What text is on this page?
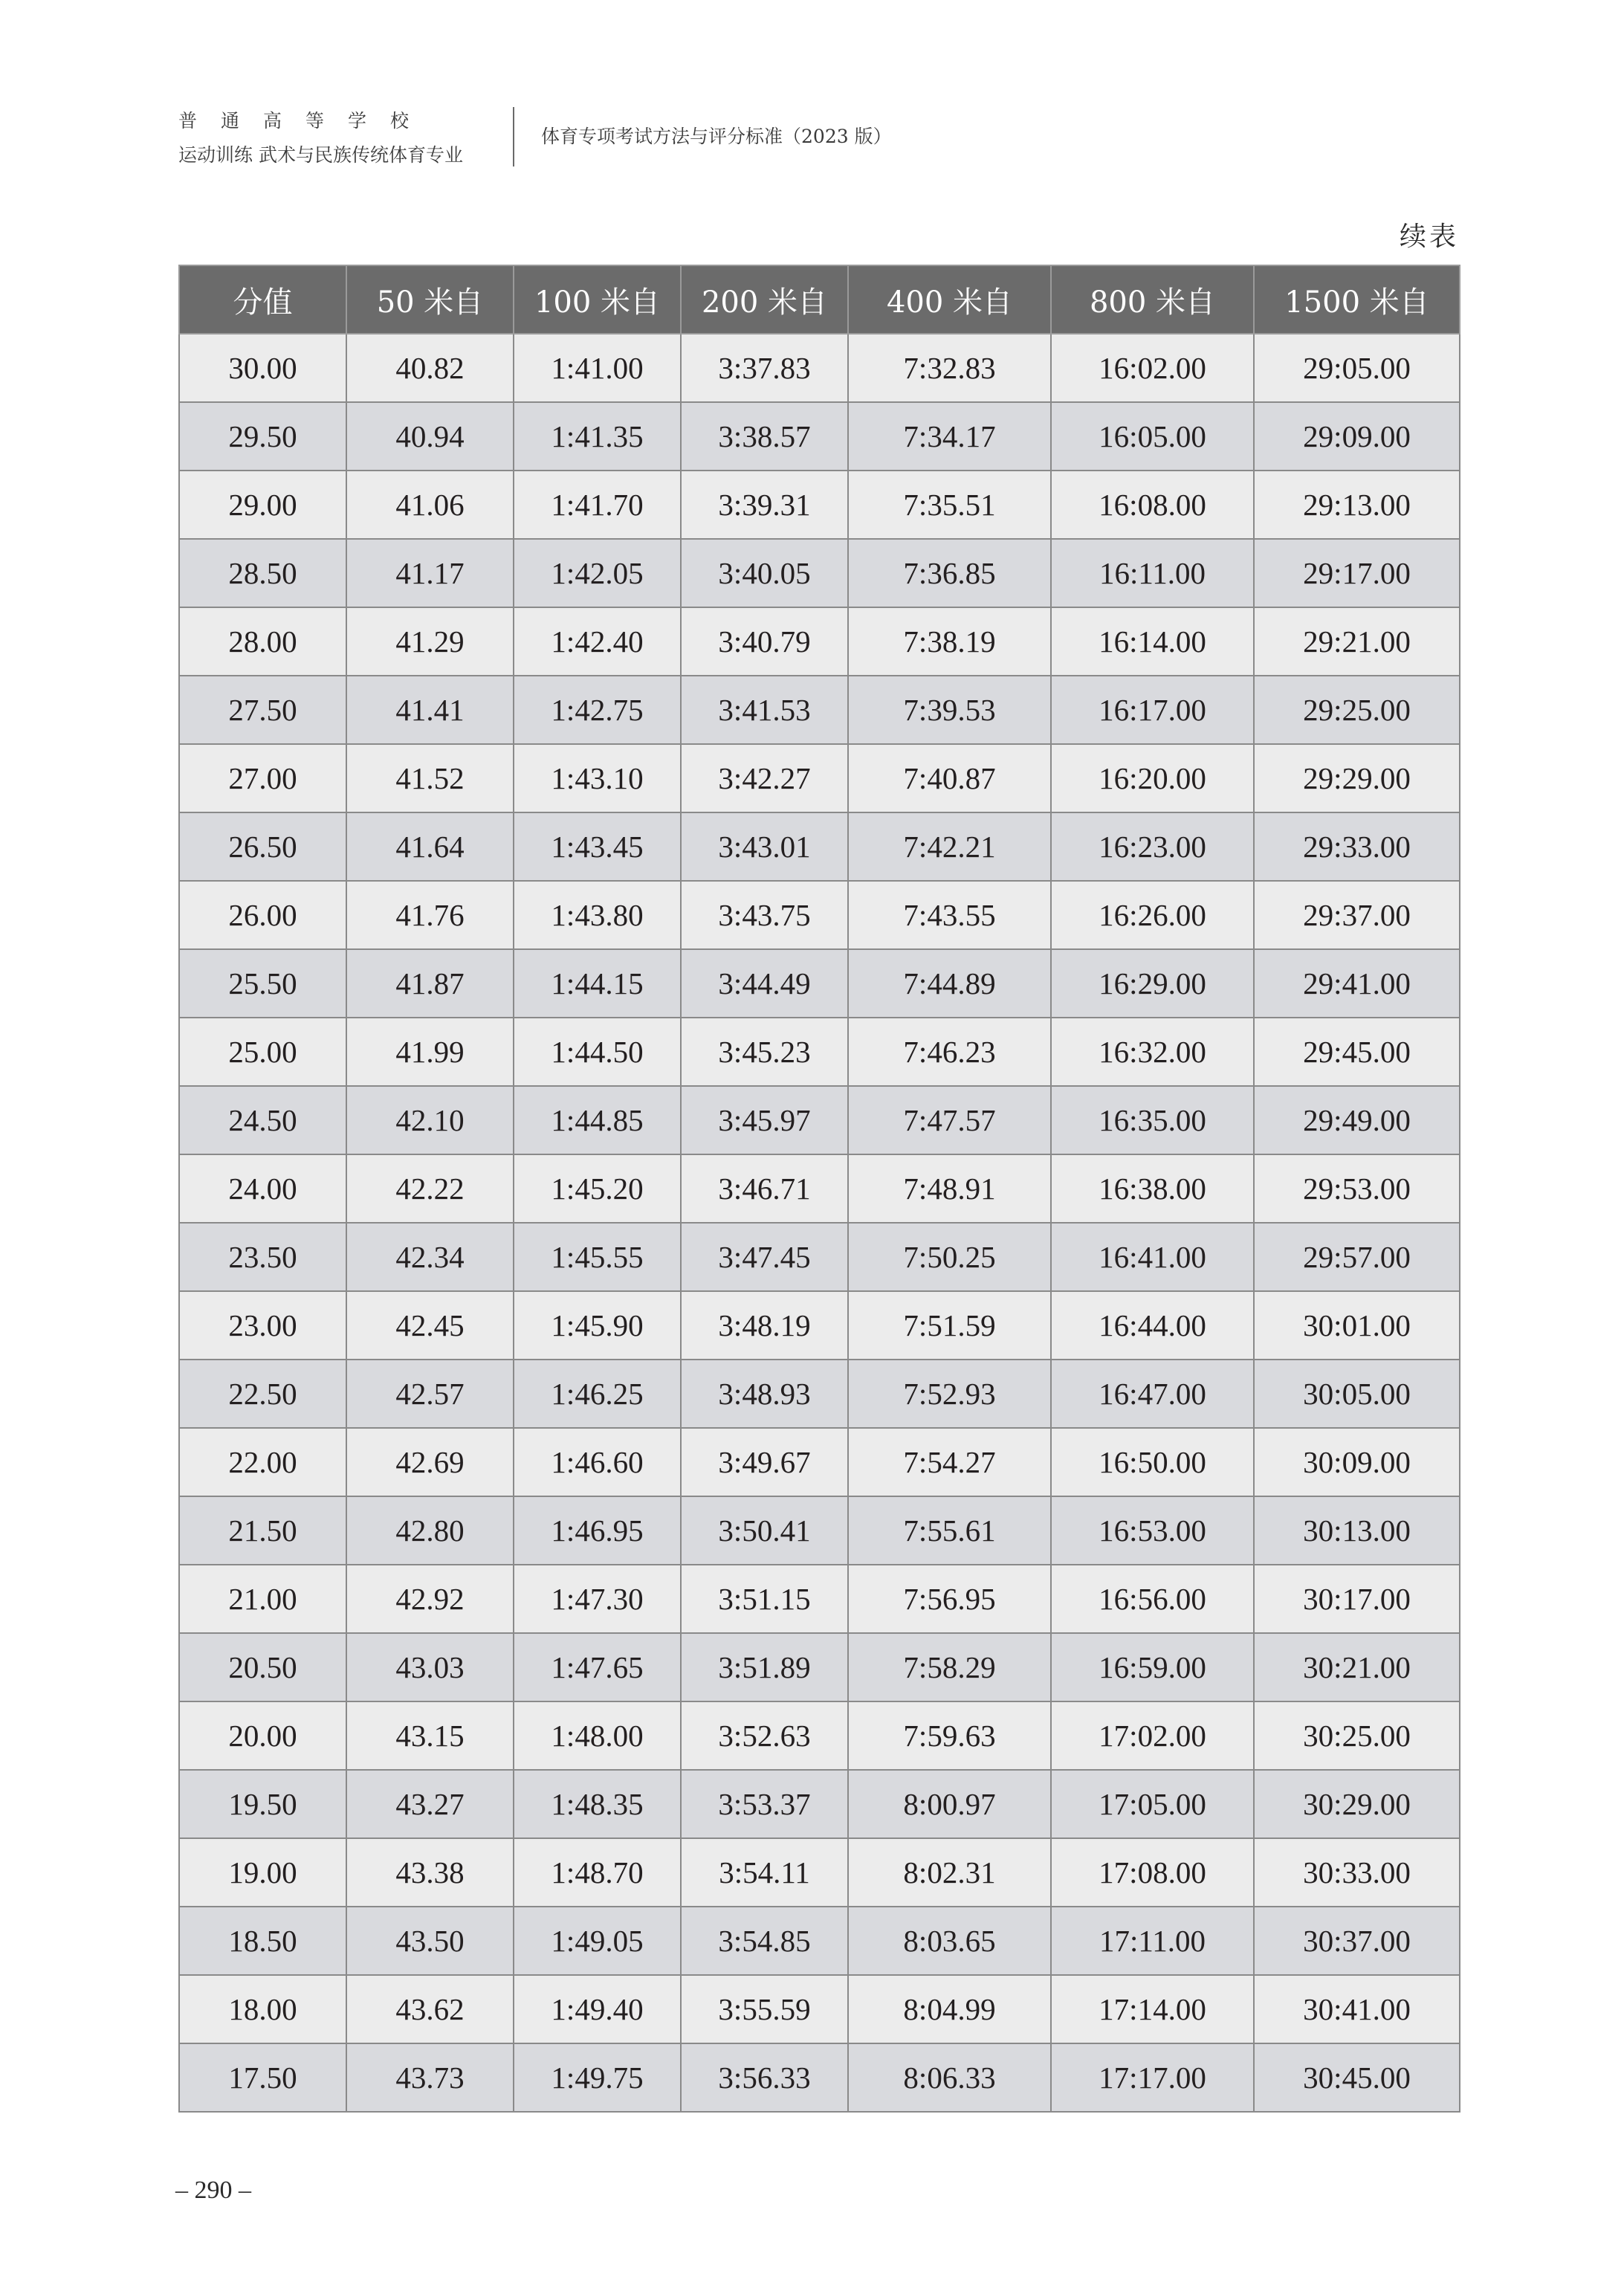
普通高等学校
运动训练 武术与民族传统体育专业
体育专项考试方法与评分标准（2023 版）
续表
分值	50 米自	100 米自	200 米自	400 米自	800 米自	1500 米自
30.00	40.82	1:41.00	3:37.83	7:32.83	16:02.00	29:05.00
29.50	40.94	1:41.35	3:38.57	7:34.17	16:05.00	29:09.00
29.00	41.06	1:41.70	3:39.31	7:35.51	16:08.00	29:13.00
28.50	41.17	1:42.05	3:40.05	7:36.85	16:11.00	29:17.00
28.00	41.29	1:42.40	3:40.79	7:38.19	16:14.00	29:21.00
27.50	41.41	1:42.75	3:41.53	7:39.53	16:17.00	29:25.00
27.00	41.52	1:43.10	3:42.27	7:40.87	16:20.00	29:29.00
26.50	41.64	1:43.45	3:43.01	7:42.21	16:23.00	29:33.00
26.00	41.76	1:43.80	3:43.75	7:43.55	16:26.00	29:37.00
25.50	41.87	1:44.15	3:44.49	7:44.89	16:29.00	29:41.00
25.00	41.99	1:44.50	3:45.23	7:46.23	16:32.00	29:45.00
24.50	42.10	1:44.85	3:45.97	7:47.57	16:35.00	29:49.00
24.00	42.22	1:45.20	3:46.71	7:48.91	16:38.00	29:53.00
23.50	42.34	1:45.55	3:47.45	7:50.25	16:41.00	29:57.00
23.00	42.45	1:45.90	3:48.19	7:51.59	16:44.00	30:01.00
22.50	42.57	1:46.25	3:48.93	7:52.93	16:47.00	30:05.00
22.00	42.69	1:46.60	3:49.67	7:54.27	16:50.00	30:09.00
21.50	42.80	1:46.95	3:50.41	7:55.61	16:53.00	30:13.00
21.00	42.92	1:47.30	3:51.15	7:56.95	16:56.00	30:17.00
20.50	43.03	1:47.65	3:51.89	7:58.29	16:59.00	30:21.00
20.00	43.15	1:48.00	3:52.63	7:59.63	17:02.00	30:25.00
19.50	43.27	1:48.35	3:53.37	8:00.97	17:05.00	30:29.00
19.00	43.38	1:48.70	3:54.11	8:02.31	17:08.00	30:33.00
18.50	43.50	1:49.05	3:54.85	8:03.65	17:11.00	30:37.00
18.00	43.62	1:49.40	3:55.59	8:04.99	17:14.00	30:41.00
17.50	43.73	1:49.75	3:56.33	8:06.33	17:17.00	30:45.00
– 290 –
